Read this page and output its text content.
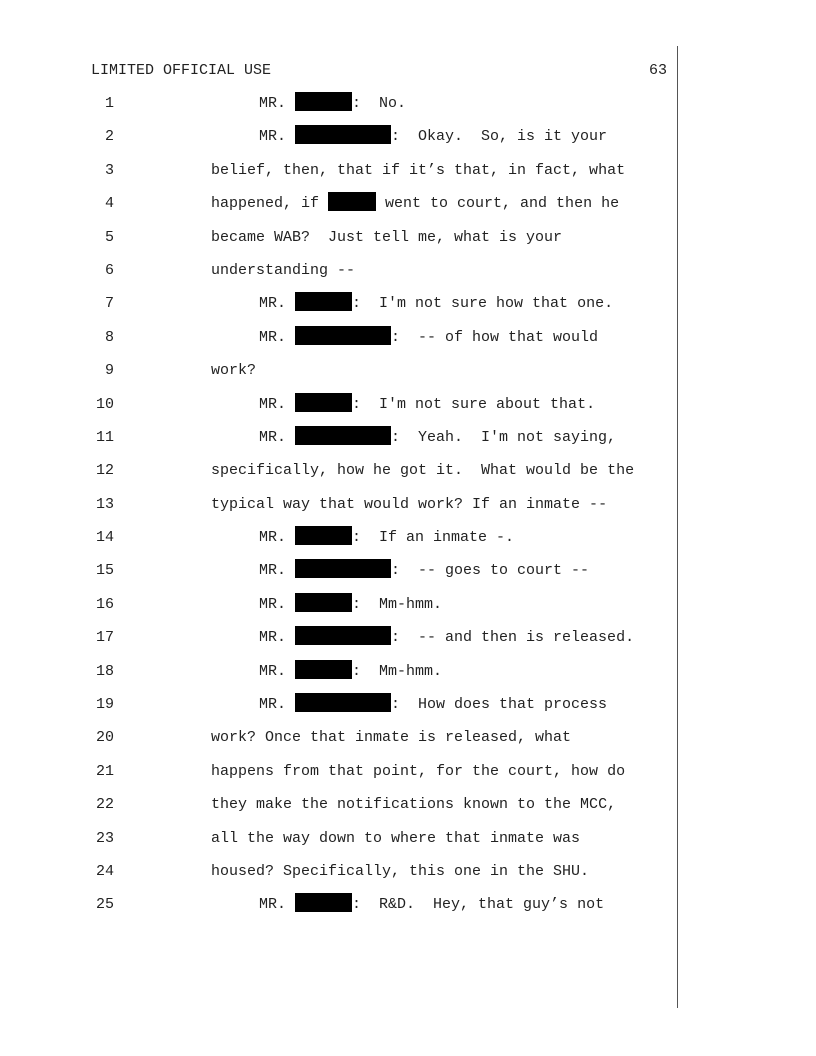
LIMITED OFFICIAL USE	63
1	MR.	:  No.
2	MR.	:  Okay.  So, is it your
3	belief, then, that if it’s that, in fact, what
4	happened, if	went to court, and then he
5	became WAB?  Just tell me, what is your
6	understanding --
7	MR.	:  I'm not sure how that one.
8	MR.	:  -- of how that would
9	work?
10	MR.	:  I'm not sure about that.
11	MR.	:  Yeah.  I'm not saying,
12	specifically, how he got it.  What would be the
13	typical way that would work? If an inmate --
14	MR.	:  If an inmate -.
15	MR.	:  -- goes to court --
16	MR.	:  Mm-hmm.
17	MR.	:  -- and then is released.
18	MR.	:  Mm-hmm.
19	MR.	:  How does that process
20	work? Once that inmate is released, what
21	happens from that point, for the court, how do
22	they make the notifications known to the MCC,
23	all the way down to where that inmate was
24	housed? Specifically, this one in the SHU.
25	MR.	:  R&D.  Hey, that guy’s not
